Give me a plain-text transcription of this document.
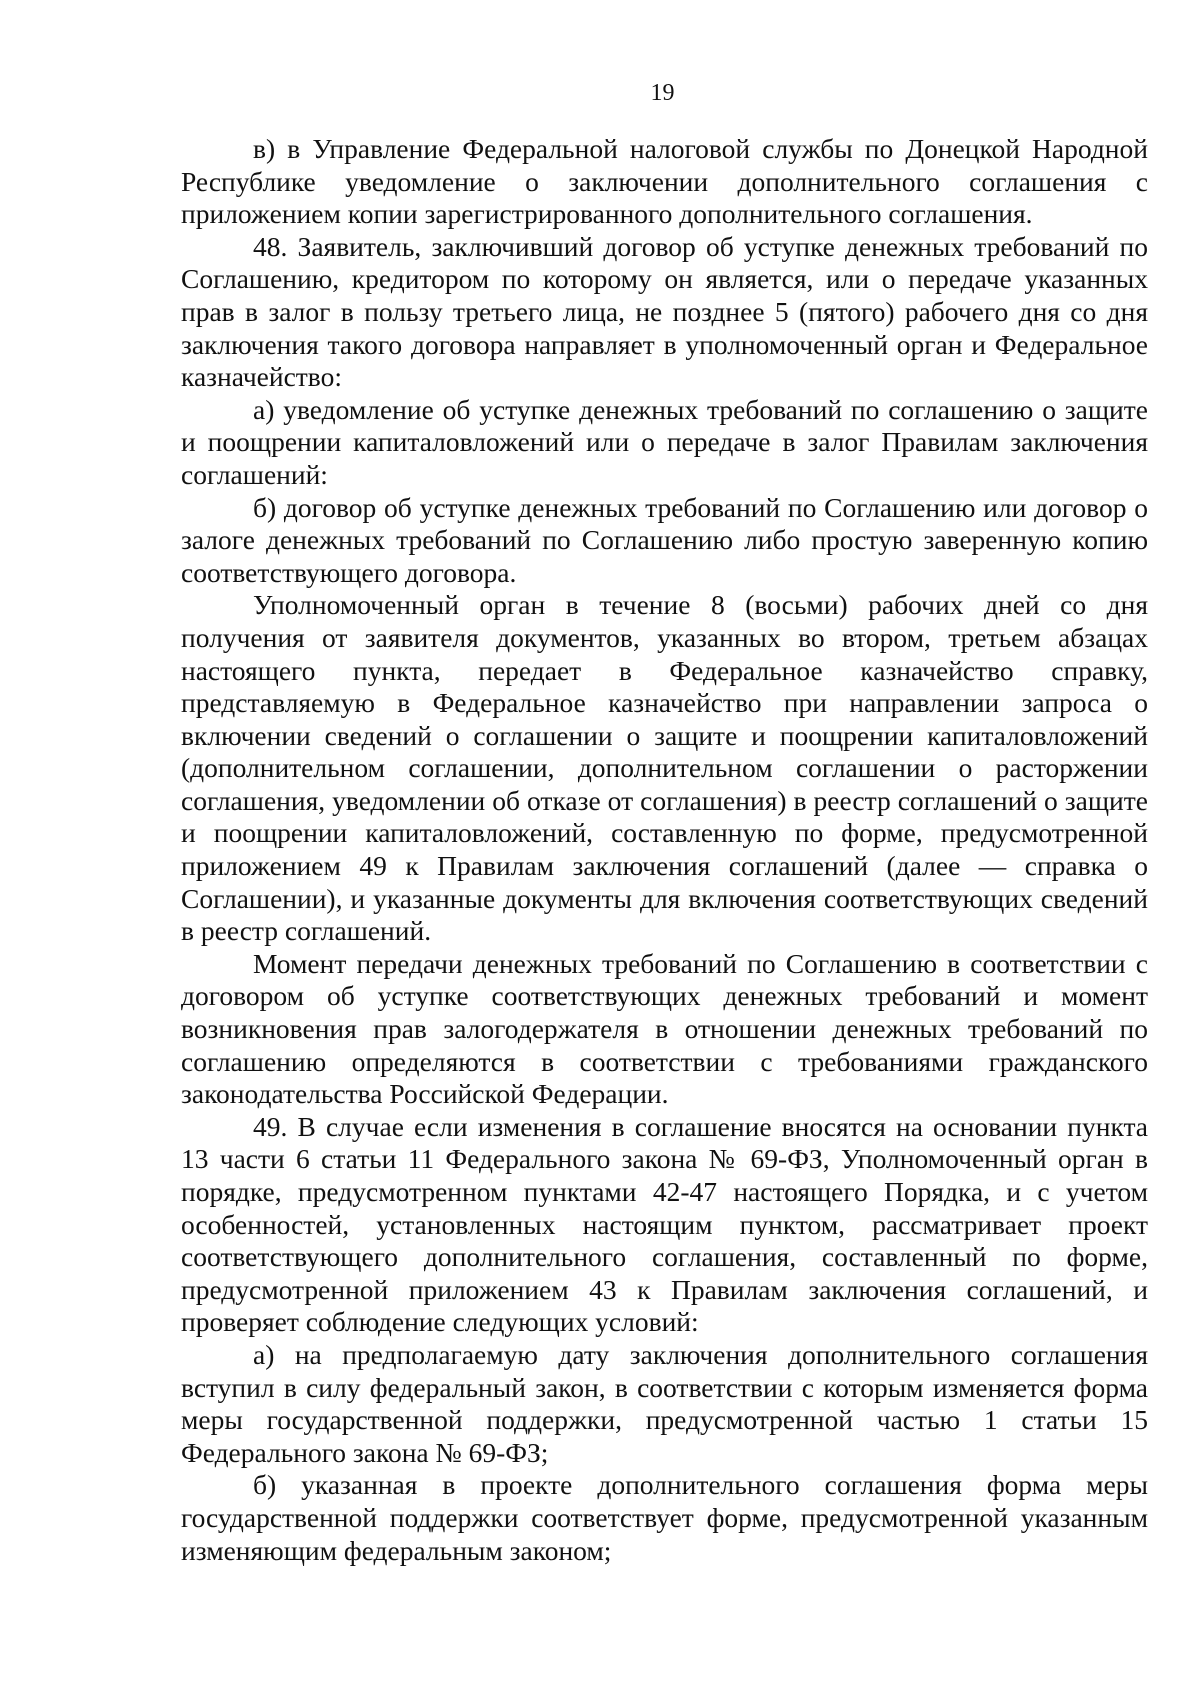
19

в) в Управление Федеральной налоговой службы по Донецкой Народной Республике уведомление о заключении дополнительного соглашения с приложением копии зарегистрированного дополнительного соглашения.

48. Заявитель, заключивший договор об уступке денежных требований по Соглашению, кредитором по которому он является, или о передаче указанных прав в залог в пользу третьего лица, не позднее 5 (пятого) рабочего дня со дня заключения такого договора направляет в уполномоченный орган и Федеральное казначейство:

а) уведомление об уступке денежных требований по соглашению о защите и поощрении капиталовложений или о передаче в залог Правилам заключения соглашений:

б) договор об уступке денежных требований по Соглашению или договор о залоге денежных требований по Соглашению либо простую заверенную копию соответствующего договора.

Уполномоченный орган в течение 8 (восьми) рабочих дней со дня получения от заявителя документов, указанных во втором, третьем абзацах настоящего пункта, передает в Федеральное казначейство справку, представляемую в Федеральное казначейство при направлении запроса о включении сведений о соглашении о защите и поощрении капиталовложений (дополнительном соглашении, дополнительном соглашении о расторжении соглашения, уведомлении об отказе от соглашения) в реестр соглашений о защите и поощрении капиталовложений, составленную по форме, предусмотренной приложением 49 к Правилам заключения соглашений (далее — справка о Соглашении), и указанные документы для включения соответствующих сведений в реестр соглашений.

Момент передачи денежных требований по Соглашению в соответствии с договором об уступке соответствующих денежных требований и момент возникновения прав залогодержателя в отношении денежных требований по соглашению определяются в соответствии с требованиями гражданского законодательства Российской Федерации.

49. В случае если изменения в соглашение вносятся на основании пункта 13 части 6 статьи 11 Федерального закона № 69-ФЗ, Уполномоченный орган в порядке, предусмотренном пунктами 42-47 настоящего Порядка, и с учетом особенностей, установленных настоящим пунктом, рассматривает проект соответствующего дополнительного соглашения, составленный по форме, предусмотренной приложением 43 к Правилам заключения соглашений, и проверяет соблюдение следующих условий:

а) на предполагаемую дату заключения дополнительного соглашения вступил в силу федеральный закон, в соответствии с которым изменяется форма меры государственной поддержки, предусмотренной частью 1 статьи 15 Федерального закона № 69-ФЗ;

б) указанная в проекте дополнительного соглашения форма меры государственной поддержки соответствует форме, предусмотренной указанным изменяющим федеральным законом;
